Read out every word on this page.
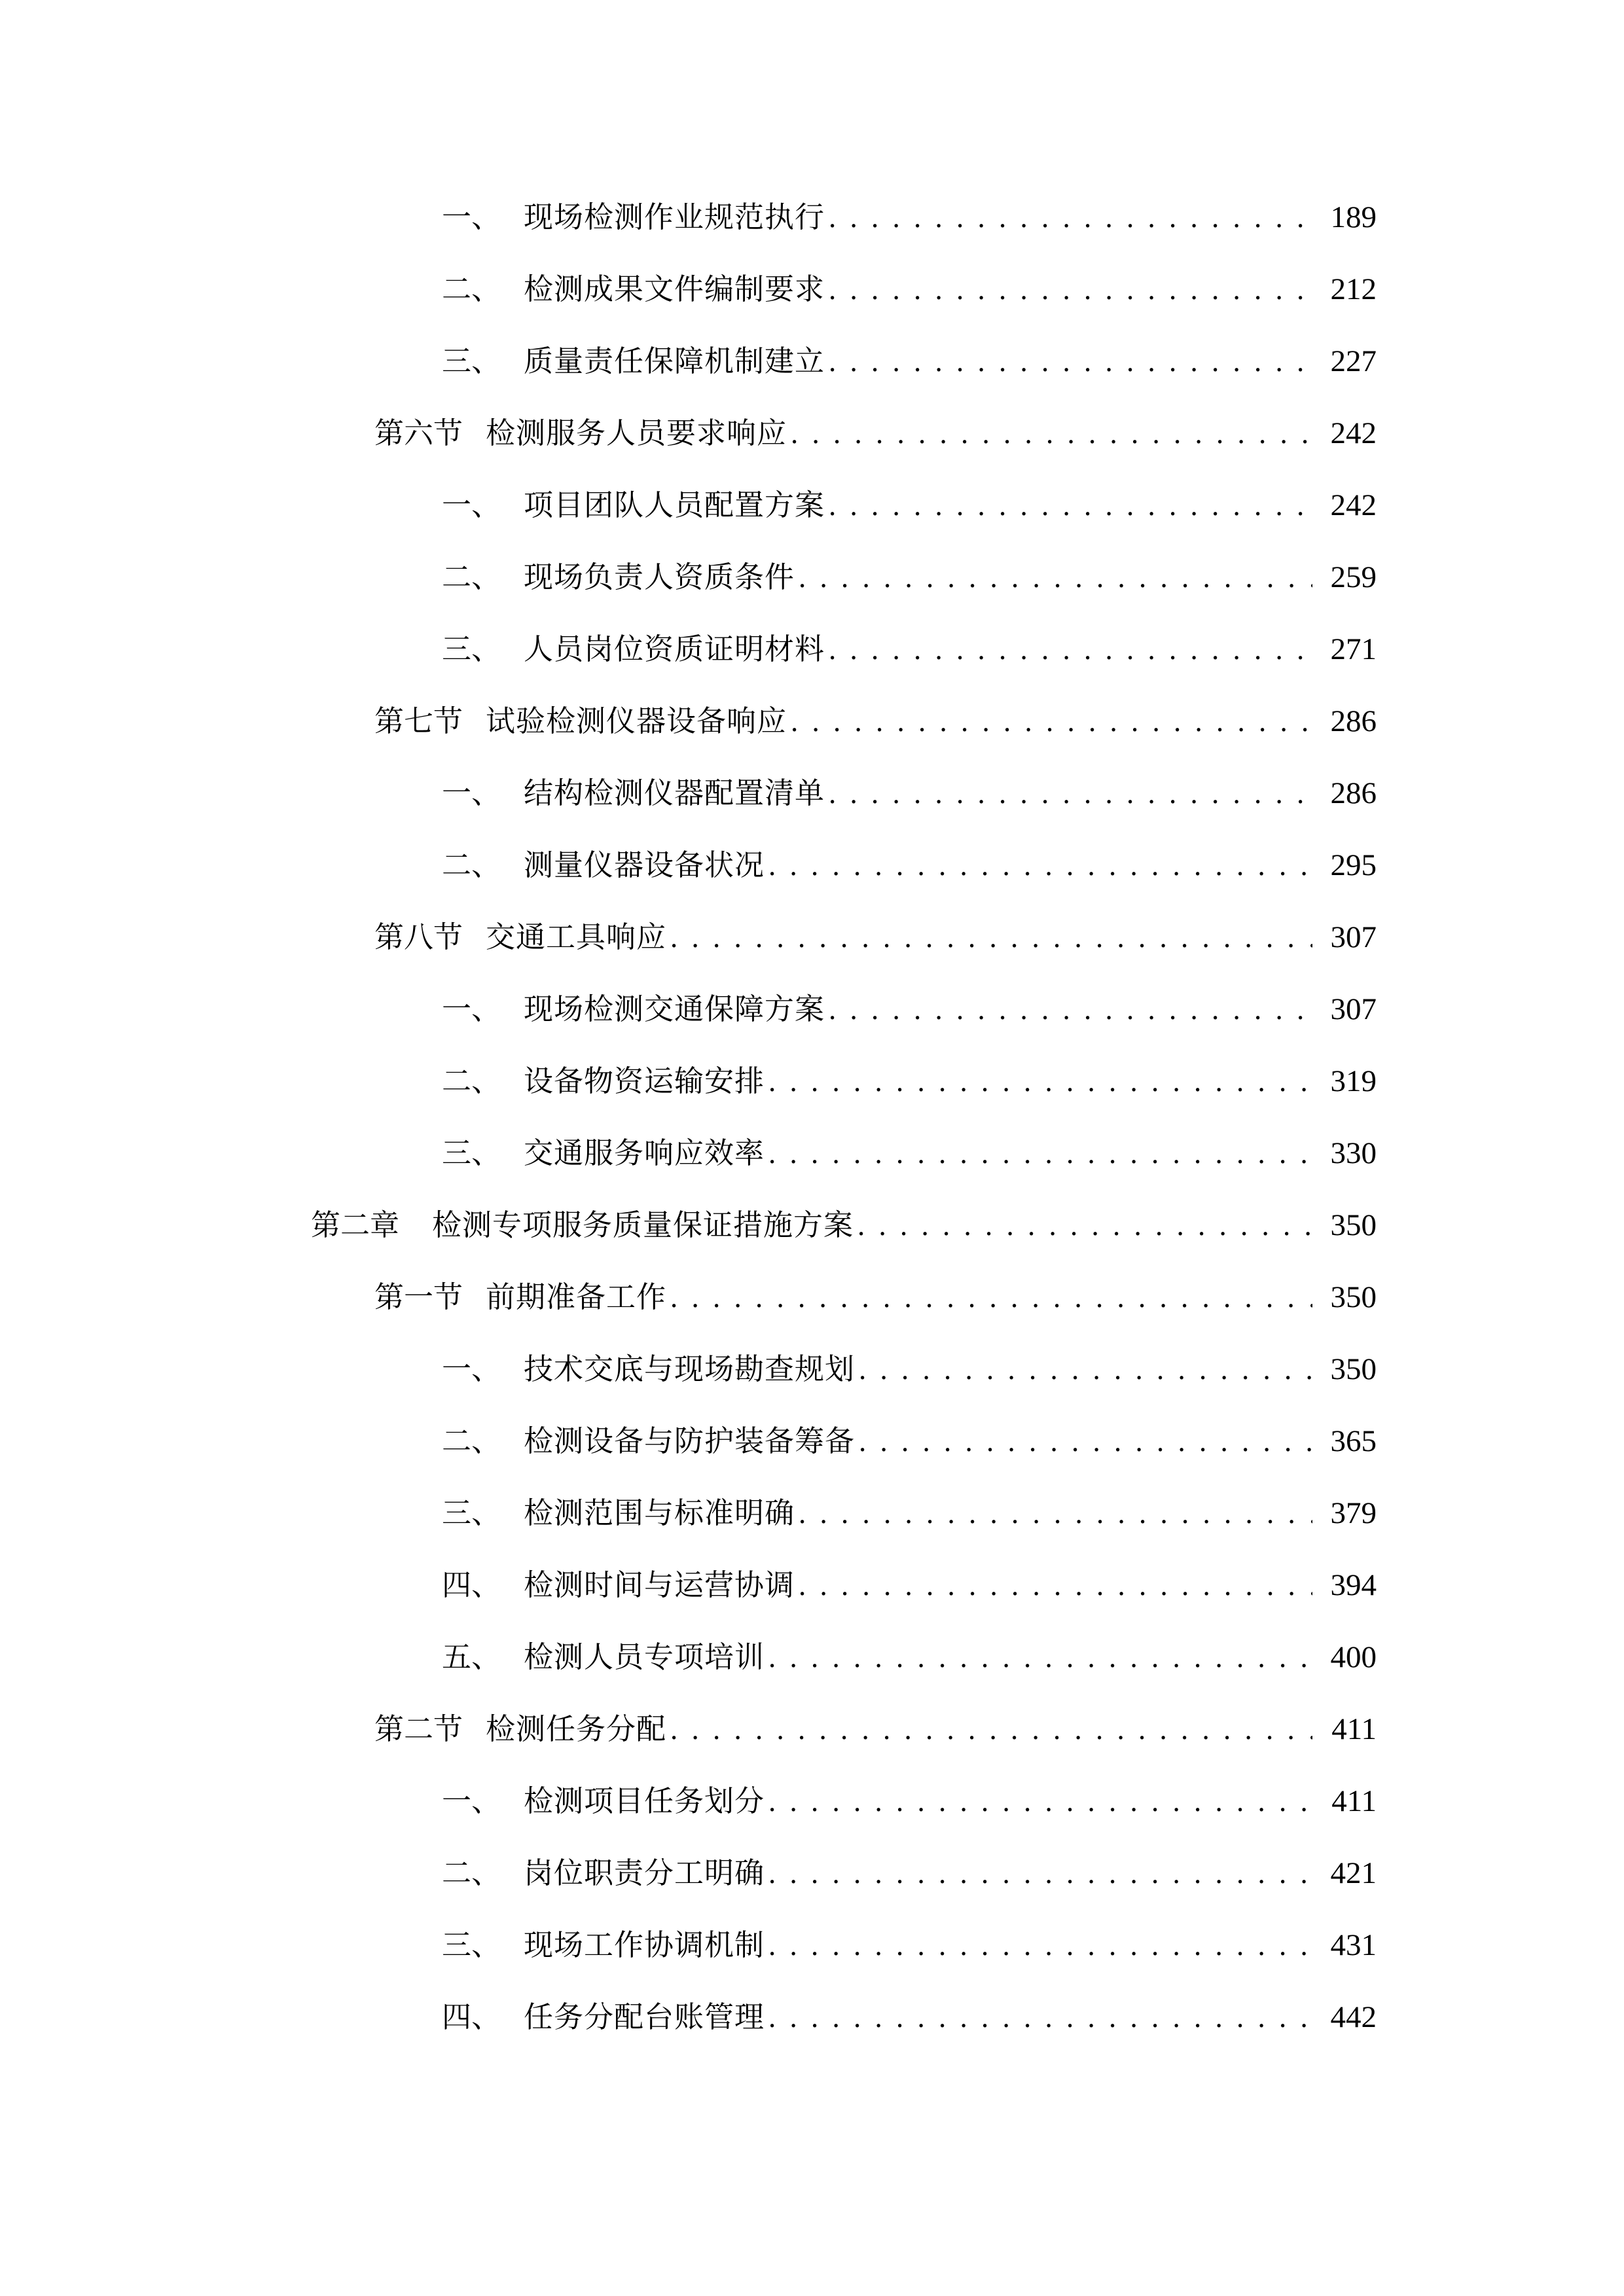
一、 现场检测作业规范执行 . . .	189
二、 检测成果文件编制要求 . . .	212
三、 质量责任保障机制建立 . . .	227
第六节 检测服务人员要求响应 . . .	242
一、 项目团队人员配置方案 . . .	242
二、 现场负责人资质条件 . . .	259
三、 人员岗位资质证明材料 . . .	271
第七节 试验检测仪器设备响应 . . .	286
一、 结构检测仪器配置清单 . . .	286
二、 测量仪器设备状况 . . .	295
第八节 交通工具响应 . . .	307
一、 现场检测交通保障方案 . . .	307
二、 设备物资运输安排 . . .	319
三、 交通服务响应效率 . . .	330
第二章 检测专项服务质量保证措施方案 . . .	350
第一节 前期准备工作 . . .	350
一、 技术交底与现场勘查规划 . . .	350
二、 检测设备与防护装备筹备 . . .	365
三、 检测范围与标准明确 . . .	379
四、 检测时间与运营协调 . . .	394
五、 检测人员专项培训 . . .	400
第二节 检测任务分配 . . .	411
一、 检测项目任务划分 . . .	411
二、 岗位职责分工明确 . . .	421
三、 现场工作协调机制 . . .	431
四、 任务分配台账管理 . . .	442
